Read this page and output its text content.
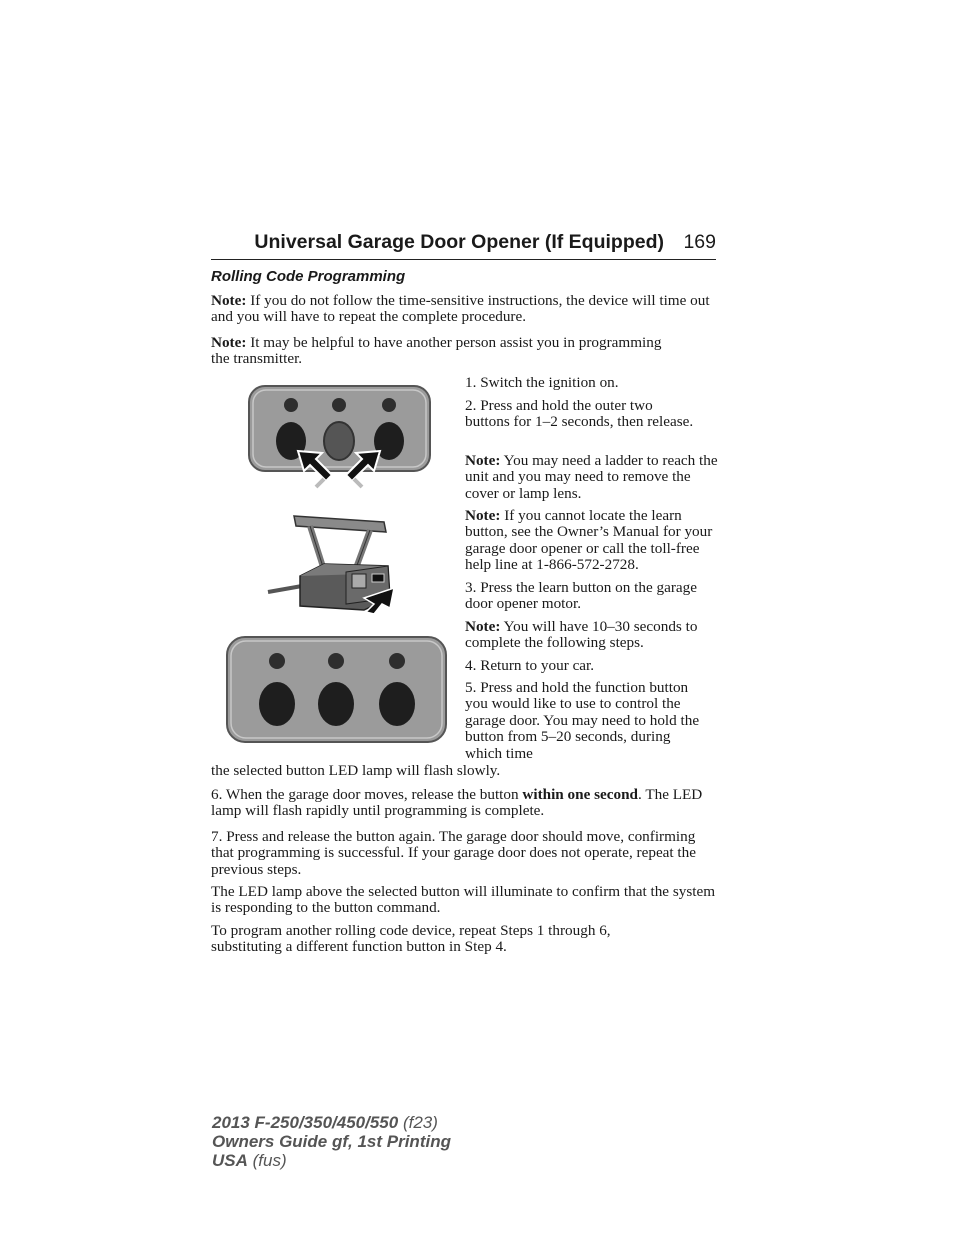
Universal Garage Door Opener (If Equipped) 169
Rolling Code Programming

Note: If you do not follow the time-sensitive instructions, the device will time out and you will have to repeat the complete procedure.

Note: It may be helpful to have another person assist you in programming the transmitter.

1. Switch the ignition on.

2. Press and hold the outer two buttons for 1–2 seconds, then release.

Note: You may need a ladder to reach the unit and you may need to remove the cover or lamp lens.

Note: If you cannot locate the learn button, see the Owner’s Manual for your garage door opener or call the toll-free help line at 1-866-572-2728.

3. Press the learn button on the garage door opener motor.

Note: You will have 10–30 seconds to complete the following steps.

4. Return to your car.

5. Press and hold the function button you would like to use to control the garage door. You may need to hold the button from 5–20 seconds, during which time

the selected button LED lamp will flash slowly.

6. When the garage door moves, release the button within one second. The LED lamp will flash rapidly until programming is complete.

7. Press and release the button again. The garage door should move, confirming that programming is successful. If your garage door does not operate, repeat the previous steps.

The LED lamp above the selected button will illuminate to confirm that the system is responding to the button command.

To program another rolling code device, repeat Steps 1 through 6, substituting a different function button in Step 4.

2013 F-250/350/450/550 (f23)
Owners Guide gf, 1st Printing
USA (fus)
